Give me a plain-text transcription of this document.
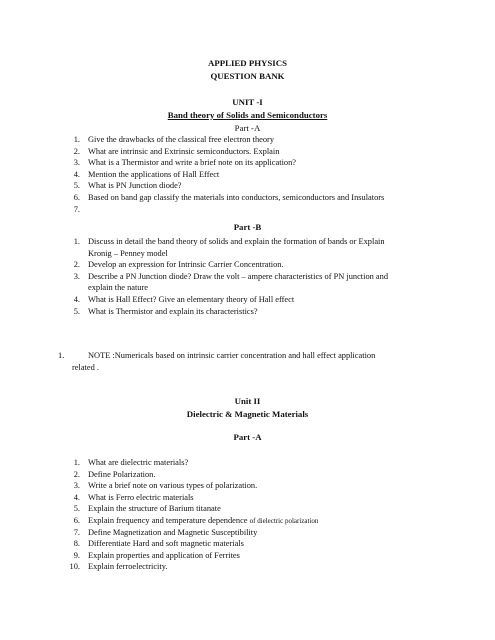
APPLIED PHYSICS
QUESTION BANK
UNIT -I
Band theory of Solids and Semiconductors
Part -A
1. Give the drawbacks of the classical free electron theory
2. What are intrinsic and Extrinsic semiconductors. Explain
3. What is a Thermistor and write a brief note on its application?
4. Mention the applications of Hall Effect
5. What is PN Junction diode?
6. Based on band gap classify the materials into conductors, semiconductors and Insulators
7.
Part -B
1. Discuss in detail the band theory of solids and explain the formation of bands or Explain
Kronig – Penney model
2. Develop an expression for Intrinsic Carrier Concentration.
3. Describe a PN Junction diode? Draw the volt – ampere characteristics of PN junction and
explain the nature
4. What is Hall Effect? Give an elementary theory of Hall effect
5. What is Thermistor and explain its characteristics?
1.	NOTE :Numericals based on intrinsic carrier concentration and hall effect application
related .
Unit II
Dielectric & Magnetic Materials
Part -A
1. What are dielectric materials?
2. Define Polarization.
3. Write a brief note on various types of polarization.
4. What is Ferro electric materials
5. Explain the structure of Barium titanate
6. Explain frequency and temperature dependence of dielectric polarization
7. Define Magnetization and Magnetic Susceptibility
8. Differentiate Hard and soft magnetic materials
9. Explain properties and application of Ferrites
10. Explain ferroelectricity.
